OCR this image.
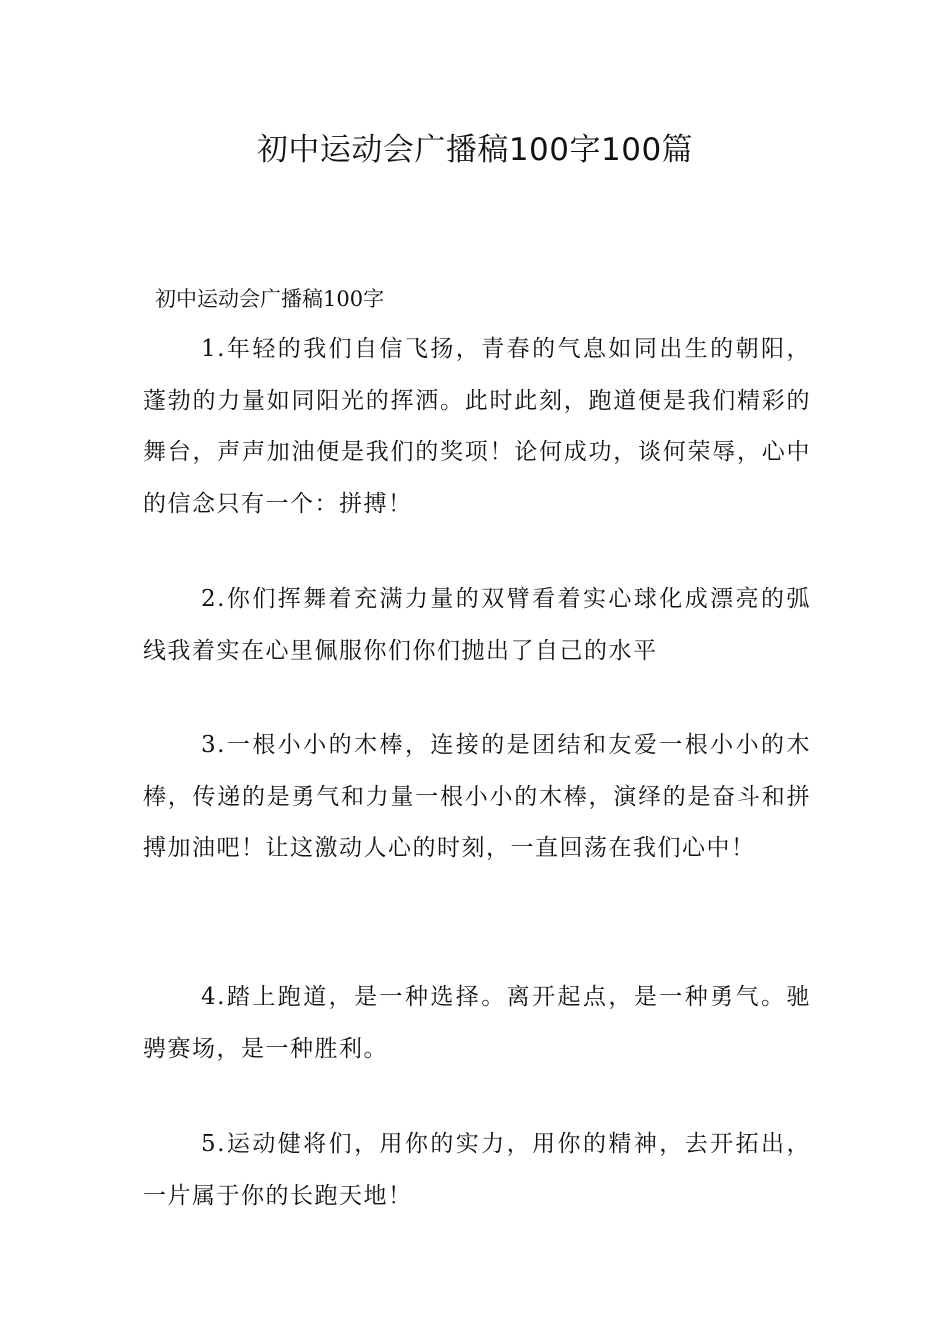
初中运动会广播稿100字100篇

初中运动会广播稿100字

1.年轻的我们自信飞扬，青春的气息如同出生的朝阳，蓬勃的力量如同阳光的挥洒。此时此刻，跑道便是我们精彩的舞台，声声加油便是我们的奖项！论何成功，谈何荣辱，心中的信念只有一个：拼搏！

2.你们挥舞着充满力量的双臂看着实心球化成漂亮的弧线我着实在心里佩服你们你们抛出了自己的水平

3.一根小小的木棒，连接的是团结和友爱一根小小的木棒，传递的是勇气和力量一根小小的木棒，演绎的是奋斗和拼搏加油吧！让这激动人心的时刻，一直回荡在我们心中！

4.踏上跑道，是一种选择。离开起点，是一种勇气。驰骋赛场，是一种胜利。

5.运动健将们，用你的实力，用你的精神，去开拓出，一片属于你的长跑天地！
